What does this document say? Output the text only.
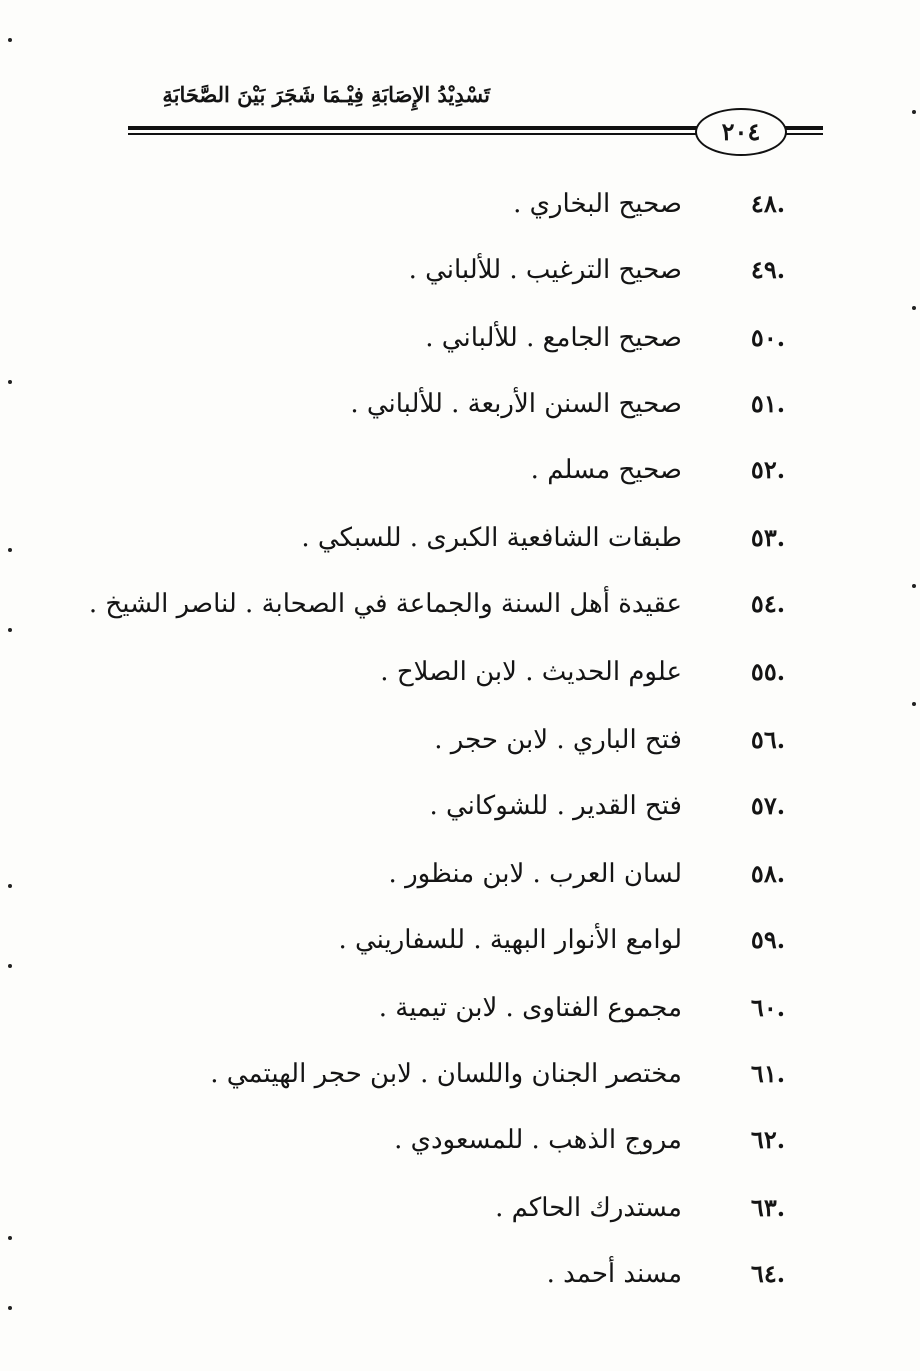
تَسْدِيْدُ الإِصَابَةِ فِيْـمَا شَجَرَ بَيْنَ الصَّحَابَةِ
٢٠٤
.٤٨
صحيح البخاري .
.٤٩
صحيح الترغيب . للألباني .
.٥٠
صحيح الجامع . للألباني .
.٥١
صحيح السنن الأربعة . للألباني .
.٥٢
صحيح مسلم .
.٥٣
طبقات الشافعية الكبرى . للسبكي .
.٥٤
عقيدة أهل السنة والجماعة في الصحابة . لناصر الشيخ .
.٥٥
علوم الحديث . لابن الصلاح .
.٥٦
فتح الباري . لابن حجر .
.٥٧
فتح القدير . للشوكاني .
.٥٨
لسان العرب . لابن منظور .
.٥٩
لوامع الأنوار البهية . للسفاريني .
.٦٠
مجموع الفتاوى . لابن تيمية .
.٦١
مختصر الجنان واللسان . لابن حجر الهيتمي .
.٦٢
مروج الذهب . للمسعودي .
.٦٣
مستدرك الحاكم .
.٦٤
مسند أحمد .
